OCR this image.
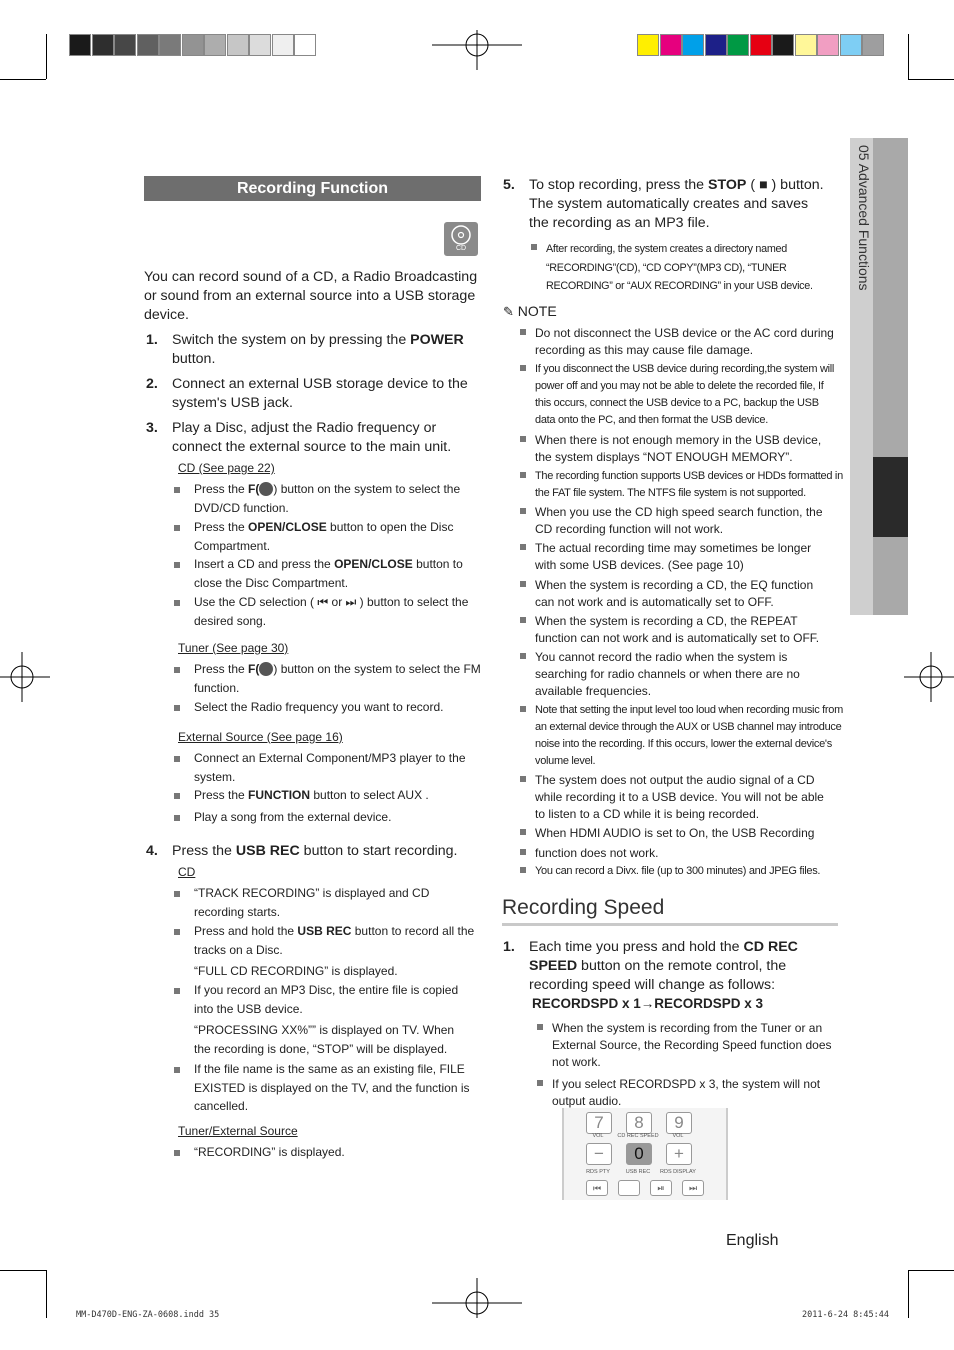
Recording Function
CD
You can record sound of a CD, a Radio Broadcasting or sound from an external source into a USB storage device.
1. Switch the system on by pressing the POWER button.
2. Connect an external USB storage device to the system's USB jack.
3. Play a Disc, adjust the Radio frequency or connect the external source to the main unit.
CD (See page 22)
Press the F( ) button on the system to select the DVD/CD function.
Press the OPEN/CLOSE button to open the Disc Compartment.
Insert a CD and press the OPEN/CLOSE button to close the Disc Compartment.
Use the CD selection ( ⏮ or ⏭ ) button to select the desired song.
Tuner (See page 30)
Press the F( ) button on the system to select the FM function.
Select the Radio frequency you want to record.
External Source (See page 16)
Connect an External Component/MP3 player to the system.
Press the FUNCTION button to select AUX .
Play a song from the external device.
4. Press the USB REC button to start recording.
CD
“TRACK RECORDING” is displayed and CD recording starts.
Press and hold the USB REC button to record all the tracks on a Disc.
“FULL CD RECORDING” is displayed.
If you record an MP3 Disc, the entire file is copied into the USB device.
“PROCESSING XX%”” is displayed on TV. When the recording is done, “STOP” will be displayed.
If the file name is the same as an existing file, FILE EXISTED is displayed on the TV, and the function is cancelled.
Tuner/External Source
“RECORDING” is displayed.
5. To stop recording, press the STOP ( ■ ) button. The system automatically creates and saves the recording as an MP3 file.
After recording, the system creates a directory named “RECORDING”(CD), “CD COPY”(MP3 CD), “TUNER RECORDING” or “AUX RECORDING” in your USB device.
✎ NOTE
Do not disconnect the USB device or the AC cord during recording as this may cause file damage.
If you disconnect the USB device during recording,the system will power off and you may not be able to delete the recorded file, If this occurs, connect the USB device to a PC, backup the USB data onto the PC, and then format the USB device.
When there is not enough memory in the USB device, the system displays “NOT ENOUGH MEMORY”.
The recording function supports USB devices or HDDs formatted in the FAT file system. The NTFS file system is not supported.
When you use the CD high speed search function, the CD recording function will not work.
The actual recording time may sometimes be longer with some USB devices. (See page 10)
When the system is recording a CD, the EQ function can not work and is automatically set to OFF.
When the system is recording a CD, the REPEAT function can not work and is automatically set to OFF.
You cannot record the radio when the system is searching for radio channels or when there are no available frequencies.
Note that setting the input level too loud when recording music from an external device through the AUX or USB channel may introduce noise into the recording. If this occurs, lower the external device's volume level.
The system does not output the audio signal of a CD while recording it to a USB device. You will not be able to listen to a CD while it is being recorded.
When HDMI AUDIO is set to On, the USB Recording
function does not work.
You can record a Divx. file (up to 300 minutes) and JPEG files.
Recording Speed
1. Each time you press and hold the CD REC SPEED button on the remote control, the recording speed will change as follows:
RECORDSPD x 1→RECORDSPD x 3
When the system is recording from the Tuner or an External Source, the Recording Speed function does not work.
If you select RECORDSPD x 3, the system will not output audio.
7	8	9
VOL	CD REC SPEED	VOL
−	0	+
RDS PTY	USB REC	RDS DISPLAY
⏮	⏯	⏭
05 Advanced Functions
English
MM-D470D-ENG-ZA-0608.indd 35	2011-6-24 8:45:44
